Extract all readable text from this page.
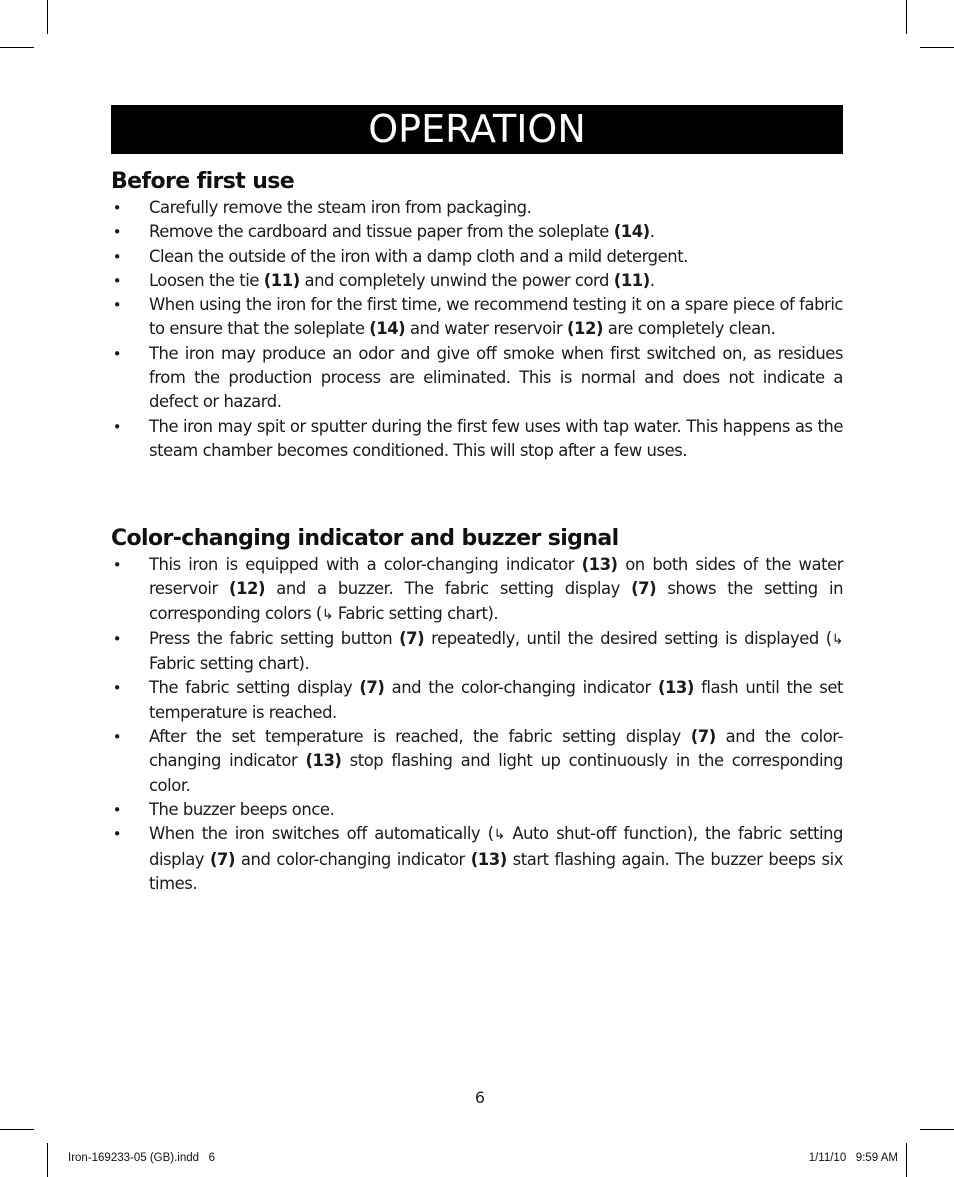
OPERATION
Before first use
• Carefully remove the steam iron from packaging.
• Remove the cardboard and tissue paper from the soleplate (14).
• Clean the outside of the iron with a damp cloth and a mild detergent.
• Loosen the tie (11) and completely unwind the power cord (11).
• When using the iron for the first time, we recommend testing it on a spare piece of fabric to ensure that the soleplate (14) and water reservoir (12) are completely clean.
• The iron may produce an odor and give off smoke when first switched on, as residues from the production process are eliminated. This is normal and does not indicate a defect or hazard.
• The iron may spit or sputter during the first few uses with tap water. This happens as the steam chamber becomes conditioned. This will stop after a few uses.
Color-changing indicator and buzzer signal
• This iron is equipped with a color-changing indicator (13) on both sides of the water reservoir (12) and a buzzer. The fabric setting display (7) shows the setting in corresponding colors (↳ Fabric setting chart).
• Press the fabric setting button (7) repeatedly, until the desired setting is displayed (↳ Fabric setting chart).
• The fabric setting display (7) and the color-changing indicator (13) flash until the set temperature is reached.
• After the set temperature is reached, the fabric setting display (7) and the color-changing indicator (13) stop flashing and light up continuously in the corresponding color.
• The buzzer beeps once.
• When the iron switches off automatically (↳ Auto shut-off function), the fabric setting display (7) and color-changing indicator (13) start flashing again. The buzzer beeps six times.
6
Iron-169233-05 (GB).indd   6	1/11/10   9:59 AM
